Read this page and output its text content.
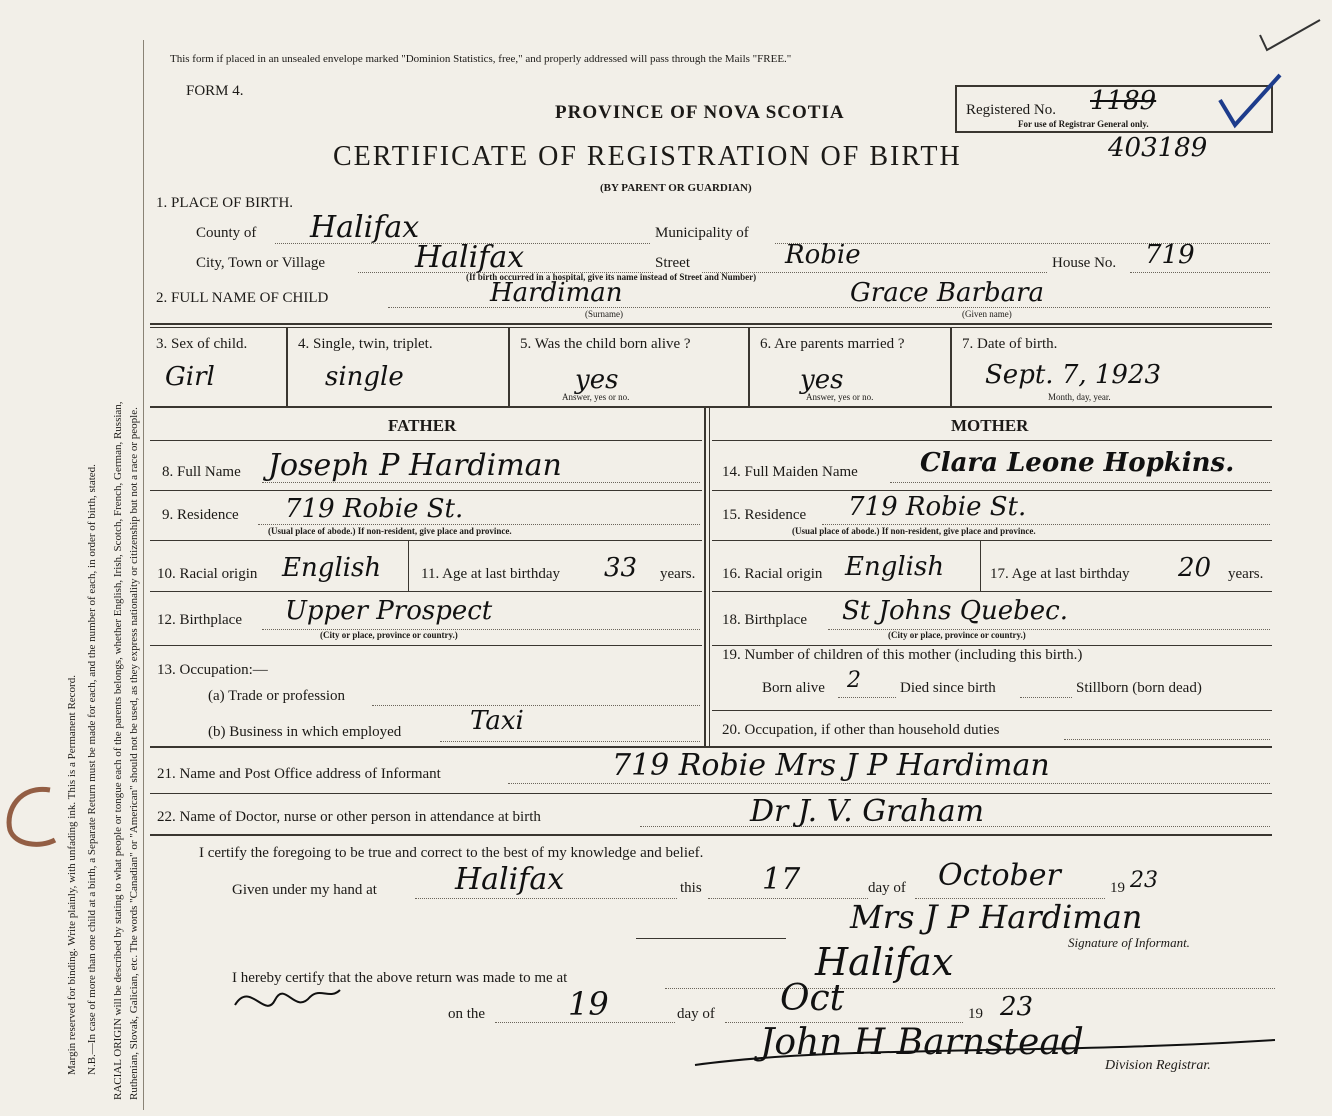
Margin reserved for binding. Write plainly, with unfading ink. This is a Permanent Record. N.B.—In case of more than one child at a birth, a Separate Return must be made for each, and the number of each, in order of birth, stated. RACIAL ORIGIN will be described by stating to what people or tongue each of the parents belongs, whether English, Irish, Scotch, French, German, Russian, Ruthenian, Slovak, Galician, etc. The words "Canadian" or "American" should not be used, as they express nationality or citizenship but not a race or people.
This form if placed in an unsealed envelope marked "Dominion Statistics, free," and properly addressed will pass through the Mails "FREE."
FORM 4.
PROVINCE OF NOVA SCOTIA
CERTIFICATE OF REGISTRATION OF BIRTH
(BY PARENT OR GUARDIAN)
Registered No. 1189
For use of Registrar General only.
403189
1. PLACE OF BIRTH.
County of Halifax	Municipality of
City, Town or Village	Halifax	Street	Robie	House No. 719
(If birth occurred in a hospital, give its name instead of Street and Number)
2. FULL NAME OF CHILD	Hardiman
(Surname)
Grace Barbara
(Given name)
3. Sex of child.
Girl
4. Single, twin, triplet.
single
5. Was the child born alive ?
yes
Answer, yes or no.
6. Are parents married ?
yes
Answer, yes or no.
7. Date of birth.
Sept. 7, 1923
Month, day, year.
FATHER	MOTHER
8. Full Name Joseph P Hardiman
9. Residence 719 Robie St.
(Usual place of abode.) If non-resident, give place and province.
10. Racial origin English	11. Age at last birthday 33 years.
12. Birthplace Upper Prospect
(City or place, province or country.)
13. Occupation:—
(a) Trade or profession
(b) Business in which employed	Taxi
14. Full Maiden Name Clara Leone Hopkins.
15. Residence 719 Robie St.
(Usual place of abode.) If non-resident, give place and province.
16. Racial origin English	17. Age at last birthday 20 years.
18. Birthplace St Johns Quebec.
(City or place, province or country.)
19. Number of children of this mother (including this birth.)
Born alive 2	Died since birth	Stillborn (born dead)
20. Occupation, if other than household duties
21. Name and Post Office address of Informant	719 Robie Mrs J P Hardiman
22. Name of Doctor, nurse or other person in attendance at birth	Dr J. V. Graham
I certify the foregoing to be true and correct to the best of my knowledge and belief.
Given under my hand at	Halifax	this 17	day of October	19 23
Mrs J P Hardiman
Signature of Informant.
I hereby certify that the above return was made to me at	Halifax
on the	19	day of Oct	19 23
John H Barnstead
Division Registrar.
